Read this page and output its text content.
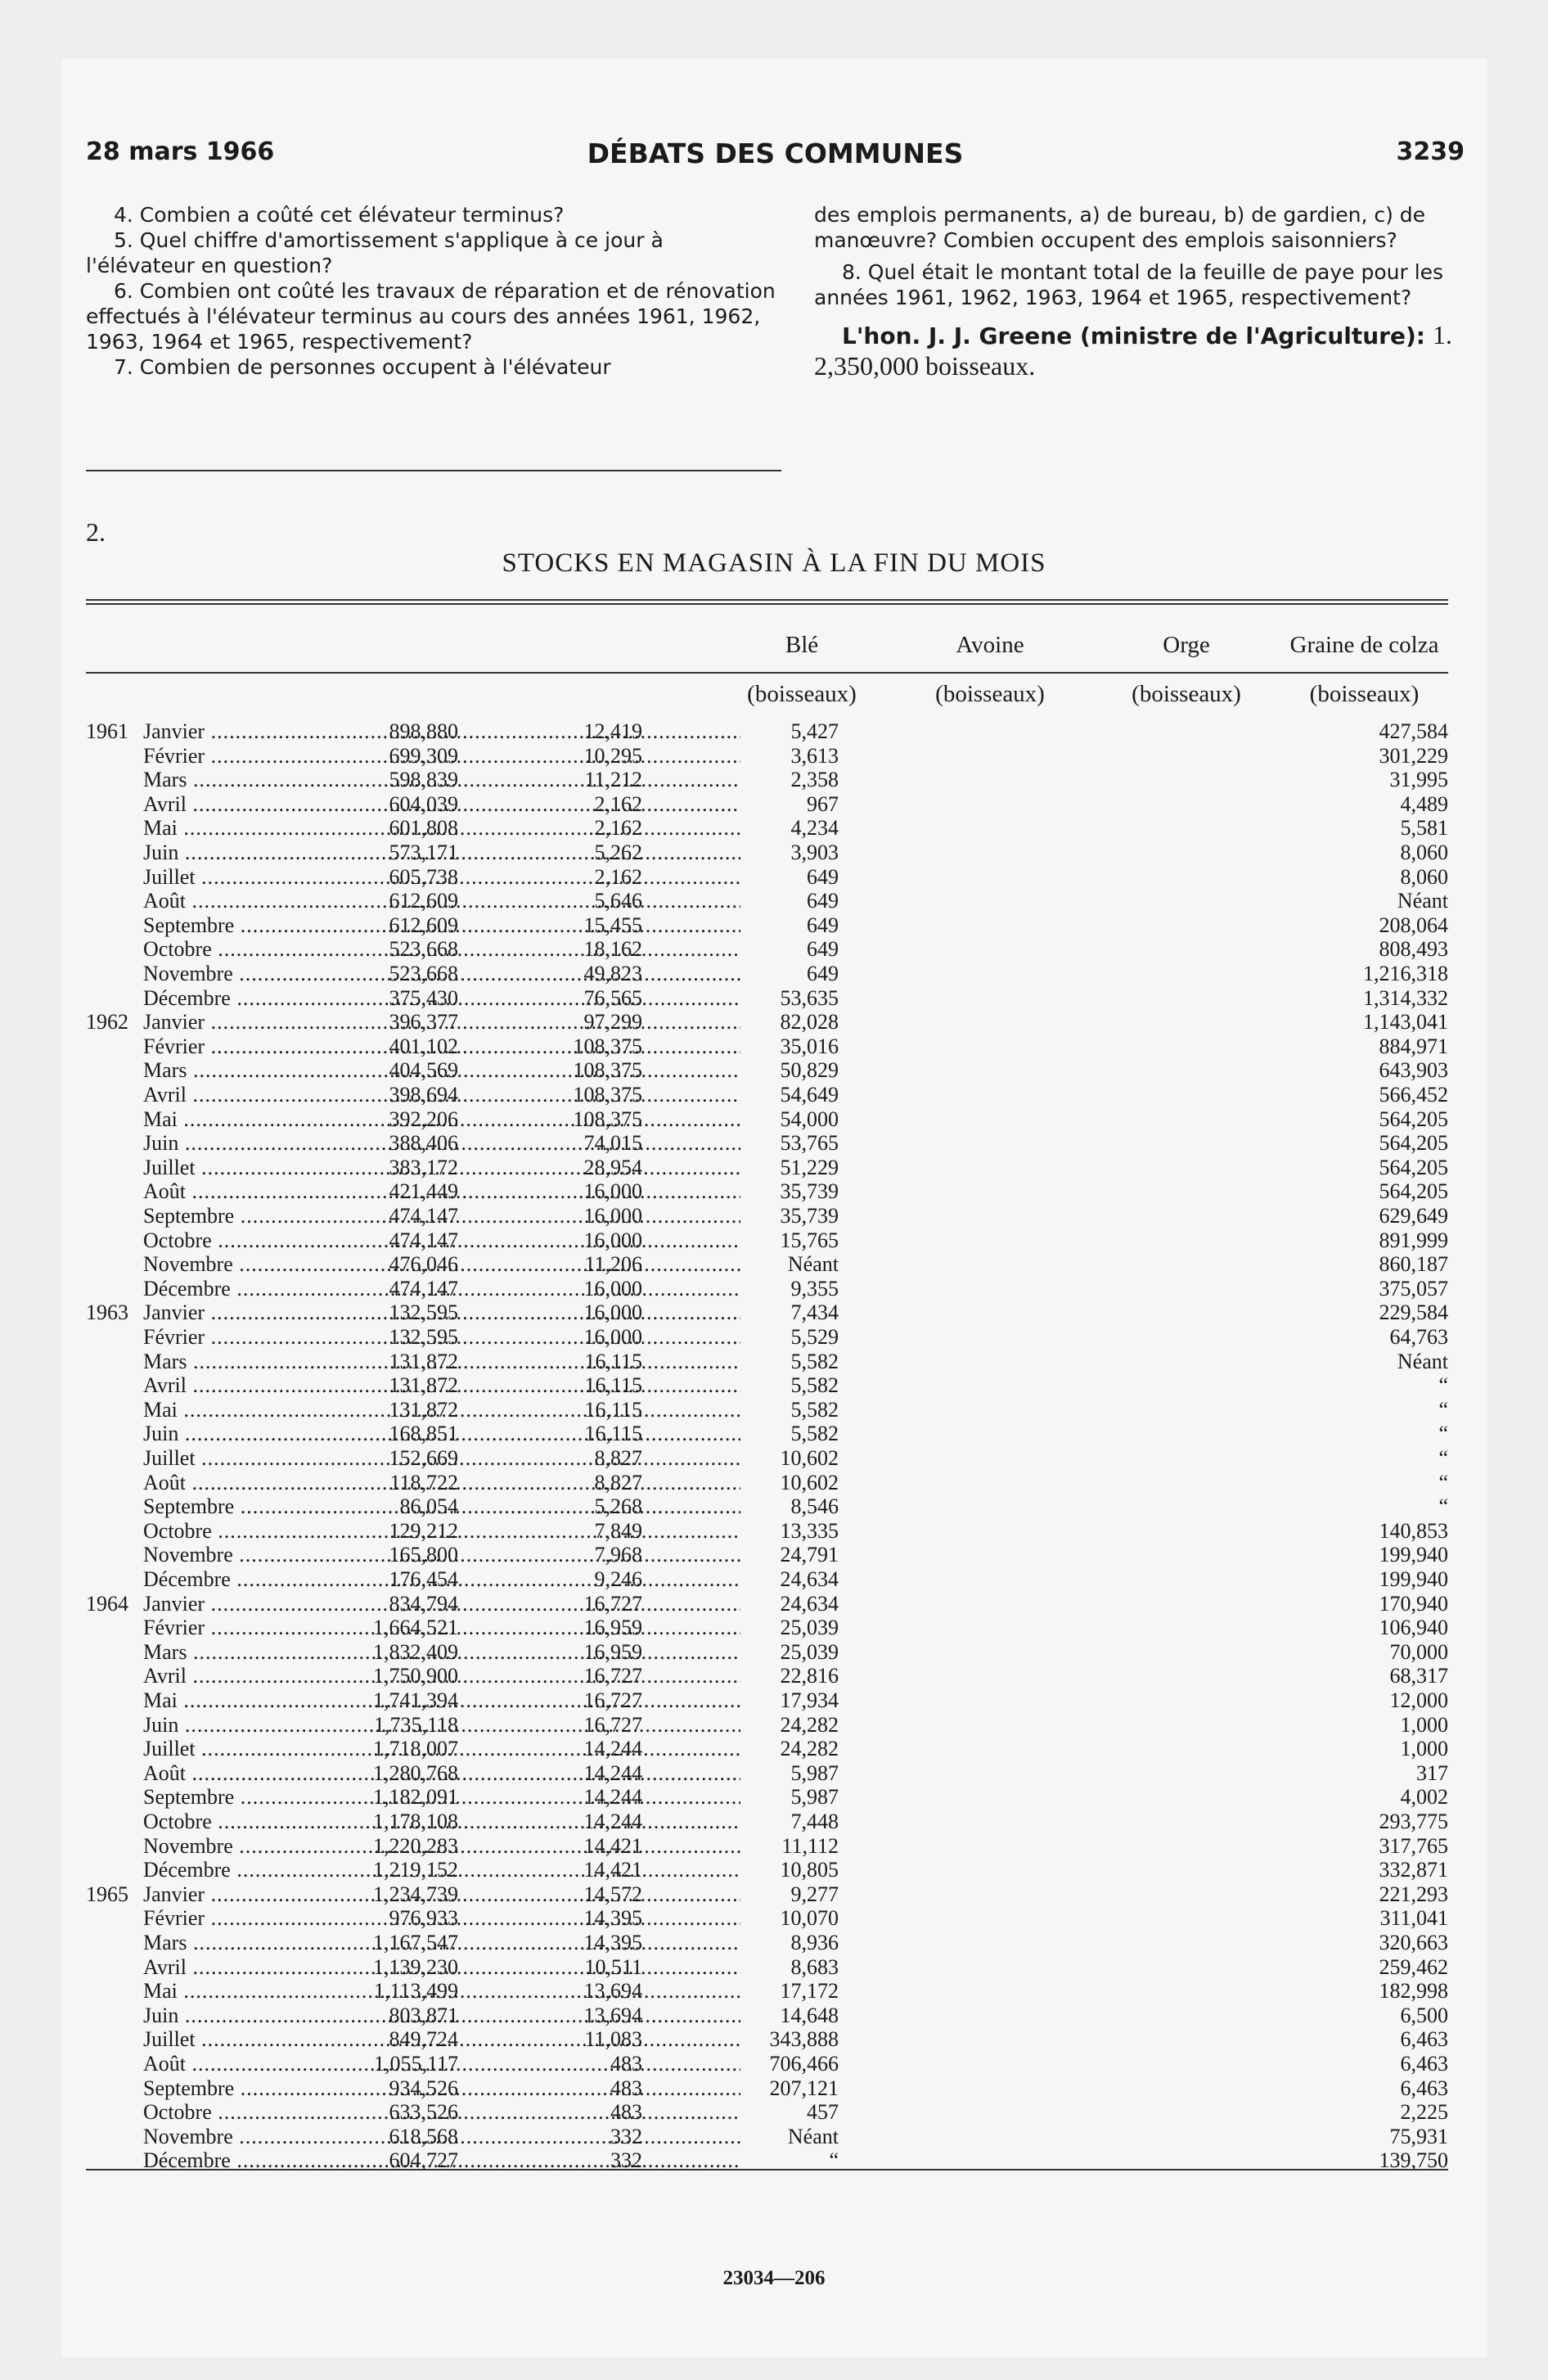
28 mars 1966	DÉBATS DES COMMUNES	3239

4. Combien a coûté cet élévateur terminus?

5. Quel chiffre d'amortissement s'applique à ce jour à l'élévateur en question?

6. Combien ont coûté les travaux de réparation et de rénovation effectués à l'élévateur terminus au cours des années 1961, 1962, 1963, 1964 et 1965, respectivement?

7. Combien de personnes occupent à l'élévateur

des emplois permanents, a) de bureau, b) de gardien, c) de manœuvre? Combien occupent des emplois saisonniers?

8. Quel était le montant total de la feuille de paye pour les années 1961, 1962, 1963, 1964 et 1965, respectivement?

L'hon. J. J. Greene (ministre de l'Agriculture): 1. 2,350,000 boisseaux.
2.
STOCKS EN MAGASIN À LA FIN DU MOIS
Blé	Avoine	Orge	Graine de colza
(boisseaux)	(boisseaux)	(boisseaux)	(boisseaux)
1961 Janvier .....	898,880	12,419	5,427	427,584
Février .....	699,309	10,295	3,613	301,229
Mars .....	598,839	11,212	2,358	31,995
Avril .....	604,039	2,162	967	4,489
Mai .....	601,808	2,162	4,234	5,581
Juin .....	573,171	5,262	3,903	8,060
Juillet .....	605,738	2,162	649	8,060
Août .....	612,609	5,646	649	Néant
Septembre .....	612,609	15,455	649	208,064
Octobre .....	523,668	18,162	649	808,493
Novembre .....	523,668	49,823	649	1,216,318
Décembre .....	375,430	76,565	53,635	1,314,332
1962 Janvier .....	396,377	97,299	82,028	1,143,041
Février .....	401,102	108,375	35,016	884,971
Mars .....	404,569	108,375	50,829	643,903
Avril .....	398,694	108,375	54,649	566,452
Mai .....	392,206	108,375	54,000	564,205
Juin .....	388,406	74,015	53,765	564,205
Juillet .....	383,172	28,954	51,229	564,205
Août .....	421,449	16,000	35,739	564,205
Septembre .....	474,147	16,000	35,739	629,649
Octobre .....	474,147	16,000	15,765	891,999
Novembre .....	476,046	11,206	Néant	860,187
Décembre .....	474,147	16,000	9,355	375,057
1963 Janvier .....	132,595	16,000	7,434	229,584
Février .....	132,595	16,000	5,529	64,763
Mars .....	131,872	16,115	5,582	Néant
Avril .....	131,872	16,115	5,582	“
Mai .....	131,872	16,115	5,582	“
Juin .....	168,851	16,115	5,582	“
Juillet .....	152,669	8,827	10,602	“
Août .....	118,722	8,827	10,602	“
Septembre .....	86,054	5,268	8,546	“
Octobre .....	129,212	7,849	13,335	140,853
Novembre .....	165,800	7,968	24,791	199,940
Décembre .....	176,454	9,246	24,634	199,940
1964 Janvier .....	834,794	16,727	24,634	170,940
Février .....	1,664,521	16,959	25,039	106,940
Mars .....	1,832,409	16,959	25,039	70,000
Avril .....	1,750,900	16,727	22,816	68,317
Mai .....	1,741,394	16,727	17,934	12,000
Juin .....	1,735,118	16,727	24,282	1,000
Juillet .....	1,718,007	14,244	24,282	1,000
Août .....	1,280,768	14,244	5,987	317
Septembre .....	1,182,091	14,244	5,987	4,002
Octobre .....	1,178,108	14,244	7,448	293,775
Novembre .....	1,220,283	14,421	11,112	317,765
Décembre .....	1,219,152	14,421	10,805	332,871
1965 Janvier .....	1,234,739	14,572	9,277	221,293
Février .....	976,933	14,395	10,070	311,041
Mars .....	1,167,547	14,395	8,936	320,663
Avril .....	1,139,230	10,511	8,683	259,462
Mai .....	1,113,499	13,694	17,172	182,998
Juin .....	803,871	13,694	14,648	6,500
Juillet .....	849,724	11,083	343,888	6,463
Août .....	1,055,117	483	706,466	6,463
Septembre .....	934,526	483	207,121	6,463
Octobre .....	633,526	483	457	2,225
Novembre .....	618,568	332	Néant	75,931
Décembre .....	604,727	332	“	139,750
23034—206
